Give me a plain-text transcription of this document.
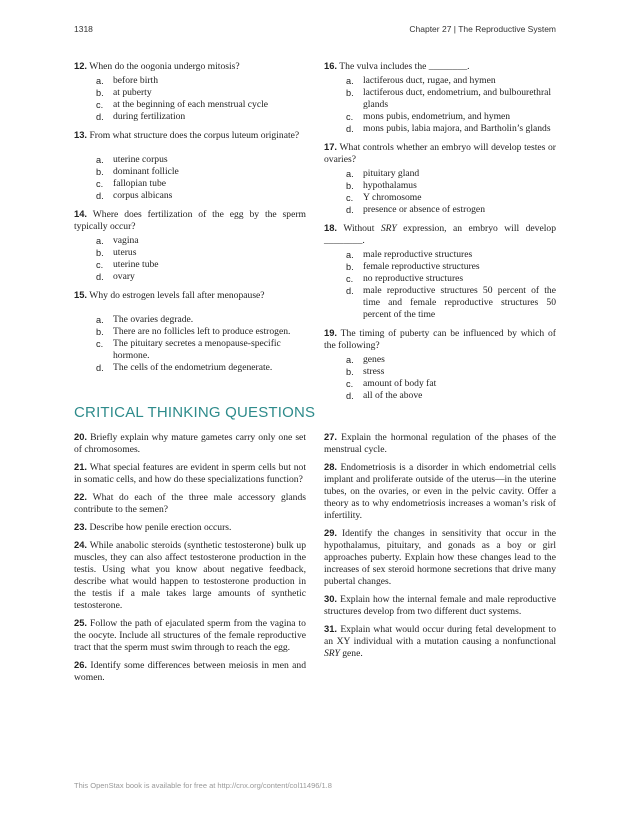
1318	Chapter 27 | The Reproductive System
12. When do the oogonia undergo mitosis?
a. before birth
b. at puberty
c. at the beginning of each menstrual cycle
d. during fertilization
13. From what structure does the corpus luteum originate?
a. uterine corpus
b. dominant follicle
c. fallopian tube
d. corpus albicans
14. Where does fertilization of the egg by the sperm typically occur?
a. vagina
b. uterus
c. uterine tube
d. ovary
15. Why do estrogen levels fall after menopause?
a. The ovaries degrade.
b. There are no follicles left to produce estrogen.
c. The pituitary secretes a menopause-specific hormone.
d. The cells of the endometrium degenerate.
16. The vulva includes the ________.
a. lactiferous duct, rugae, and hymen
b. lactiferous duct, endometrium, and bulbourethral glands
c. mons pubis, endometrium, and hymen
d. mons pubis, labia majora, and Bartholin’s glands
17. What controls whether an embryo will develop testes or ovaries?
a. pituitary gland
b. hypothalamus
c. Y chromosome
d. presence or absence of estrogen
18. Without SRY expression, an embryo will develop ________.
a. male reproductive structures
b. female reproductive structures
c. no reproductive structures
d. male reproductive structures 50 percent of the time and female reproductive structures 50 percent of the time
19. The timing of puberty can be influenced by which of the following?
a. genes
b. stress
c. amount of body fat
d. all of the above
CRITICAL THINKING QUESTIONS
20. Briefly explain why mature gametes carry only one set of chromosomes.
21. What special features are evident in sperm cells but not in somatic cells, and how do these specializations function?
22. What do each of the three male accessory glands contribute to the semen?
23. Describe how penile erection occurs.
24. While anabolic steroids (synthetic testosterone) bulk up muscles, they can also affect testosterone production in the testis. Using what you know about negative feedback, describe what would happen to testosterone production in the testis if a male takes large amounts of synthetic testosterone.
25. Follow the path of ejaculated sperm from the vagina to the oocyte. Include all structures of the female reproductive tract that the sperm must swim through to reach the egg.
26. Identify some differences between meiosis in men and women.
27. Explain the hormonal regulation of the phases of the menstrual cycle.
28. Endometriosis is a disorder in which endometrial cells implant and proliferate outside of the uterus—in the uterine tubes, on the ovaries, or even in the pelvic cavity. Offer a theory as to why endometriosis increases a woman’s risk of infertility.
29. Identify the changes in sensitivity that occur in the hypothalamus, pituitary, and gonads as a boy or girl approaches puberty. Explain how these changes lead to the increases of sex steroid hormone secretions that drive many pubertal changes.
30. Explain how the internal female and male reproductive structures develop from two different duct systems.
31. Explain what would occur during fetal development to an XY individual with a mutation causing a nonfunctional SRY gene.
This OpenStax book is available for free at http://cnx.org/content/col11496/1.8
